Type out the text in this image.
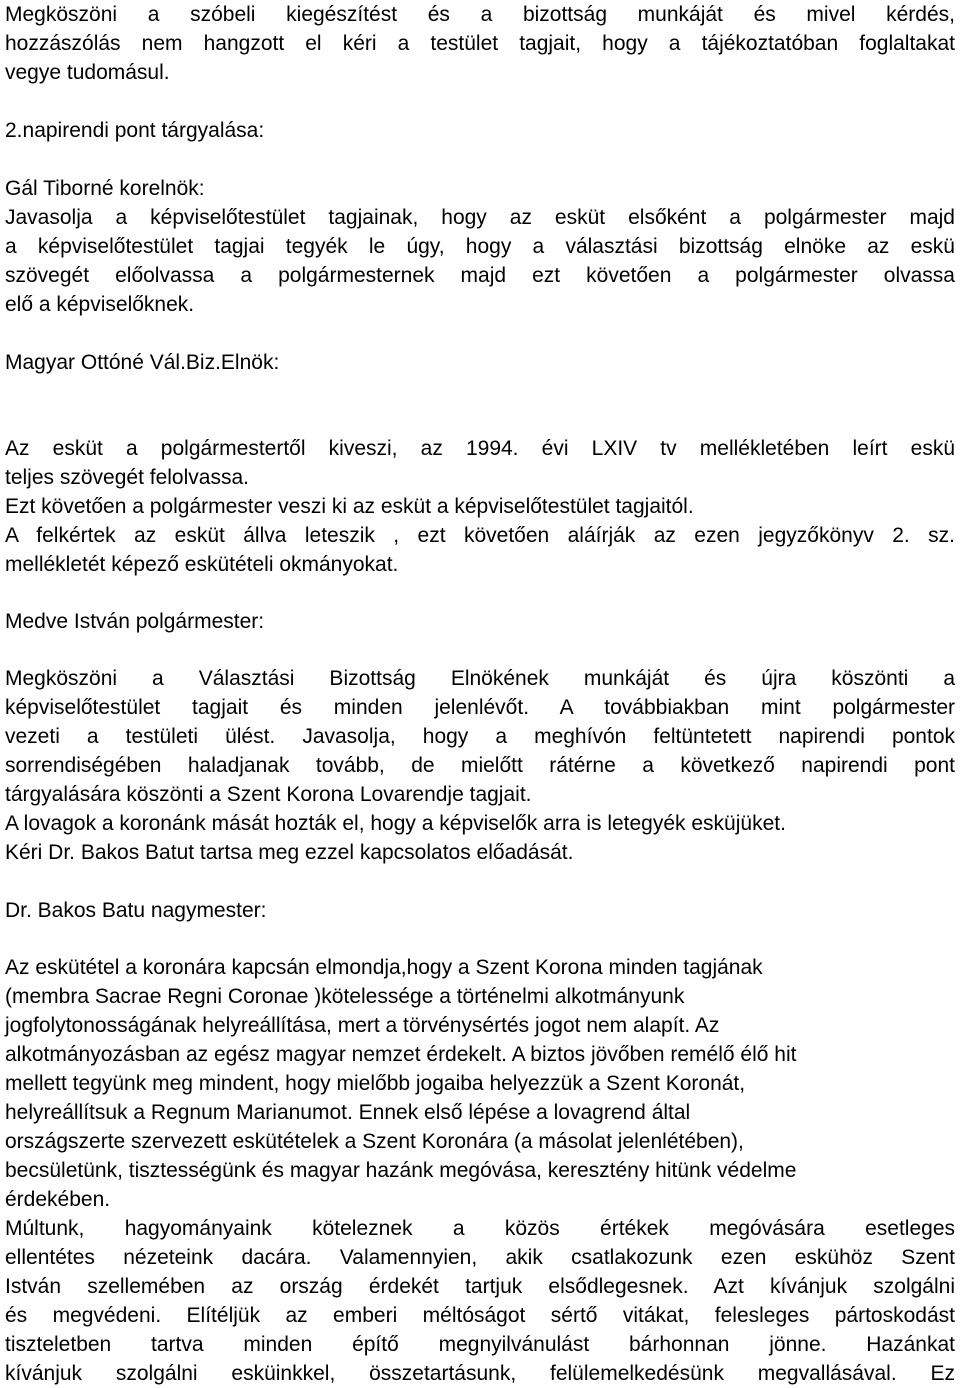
Megköszöni a szóbeli kiegészítést és a bizottság munkáját és mivel kérdés,
hozzászólás nem hangzott el kéri a testület tagjait, hogy a tájékoztatóban foglaltakat
vegye tudomásul.
2.napirendi pont tárgyalása:
Gál Tiborné korelnök:
Javasolja a képviselőtestület tagjainak, hogy az esküt elsőként a polgármester majd
a képviselőtestület tagjai tegyék le úgy, hogy a választási bizottság elnöke az eskü
szövegét előolvassa a polgármesternek majd ezt követően a polgármester olvassa
elő a képviselőknek.
Magyar Ottóné Vál.Biz.Elnök:
Az esküt a polgármestertől kiveszi, az 1994. évi LXIV tv mellékletében leírt eskü
teljes szövegét felolvassa.
Ezt követően a polgármester veszi ki az esküt a képviselőtestület tagjaitól.
A felkértek az esküt állva leteszik , ezt követően aláírják az ezen jegyzőkönyv 2. sz.
mellékletét képező eskütételi okmányokat.
Medve István polgármester:
Megköszöni a Választási Bizottság Elnökének munkáját és újra köszönti a
képviselőtestület tagjait és minden jelenlévőt. A továbbiakban mint polgármester
vezeti a testületi ülést. Javasolja, hogy a meghívón feltüntetett napirendi pontok
sorrendiségében haladjanak tovább, de mielőtt rátérne a következő napirendi pont
tárgyalására köszönti a Szent Korona Lovarendje tagjait.
A lovagok a koronánk mását hozták el, hogy a képviselők arra is letegyék esküjüket.
Kéri Dr. Bakos Batut tartsa meg ezzel kapcsolatos előadását.
Dr. Bakos Batu nagymester:
Az eskütétel a koronára kapcsán elmondja,hogy a Szent Korona minden tagjának
(membra Sacrae Regni Coronae )kötelessége a történelmi alkotmányunk
jogfolytonosságának helyreállítása, mert a törvénysértés jogot nem alapít. Az
alkotmányozásban az egész magyar nemzet érdekelt. A biztos jövőben remélő élő hit
mellett tegyünk meg mindent, hogy mielőbb jogaiba helyezzük a Szent Koronát,
helyreállítsuk a Regnum Marianumot. Ennek első lépése a lovagrend által
országszerte szervezett eskütételek a Szent Koronára (a másolat jelenlétében),
becsületünk, tisztességünk és magyar hazánk megóvása, keresztény hitünk védelme
érdekében.
Múltunk, hagyományaink köteleznek a közös értékek megóvására esetleges
ellentétes nézeteink dacára. Valamennyien, akik csatlakozunk ezen eskühöz Szent
István szellemében az ország érdekét tartjuk elsődlegesnek. Azt kívánjuk szolgálni
és megvédeni. Elítéljük az emberi méltóságot sértő vitákat, felesleges pártoskodást
tiszteletben tartva minden építő megnyilvánulást bárhonnan jönne. Hazánkat
kívánjuk szolgálni esküinkkel, összetartásunk, felülemelkedésünk megvallásával. Ez
